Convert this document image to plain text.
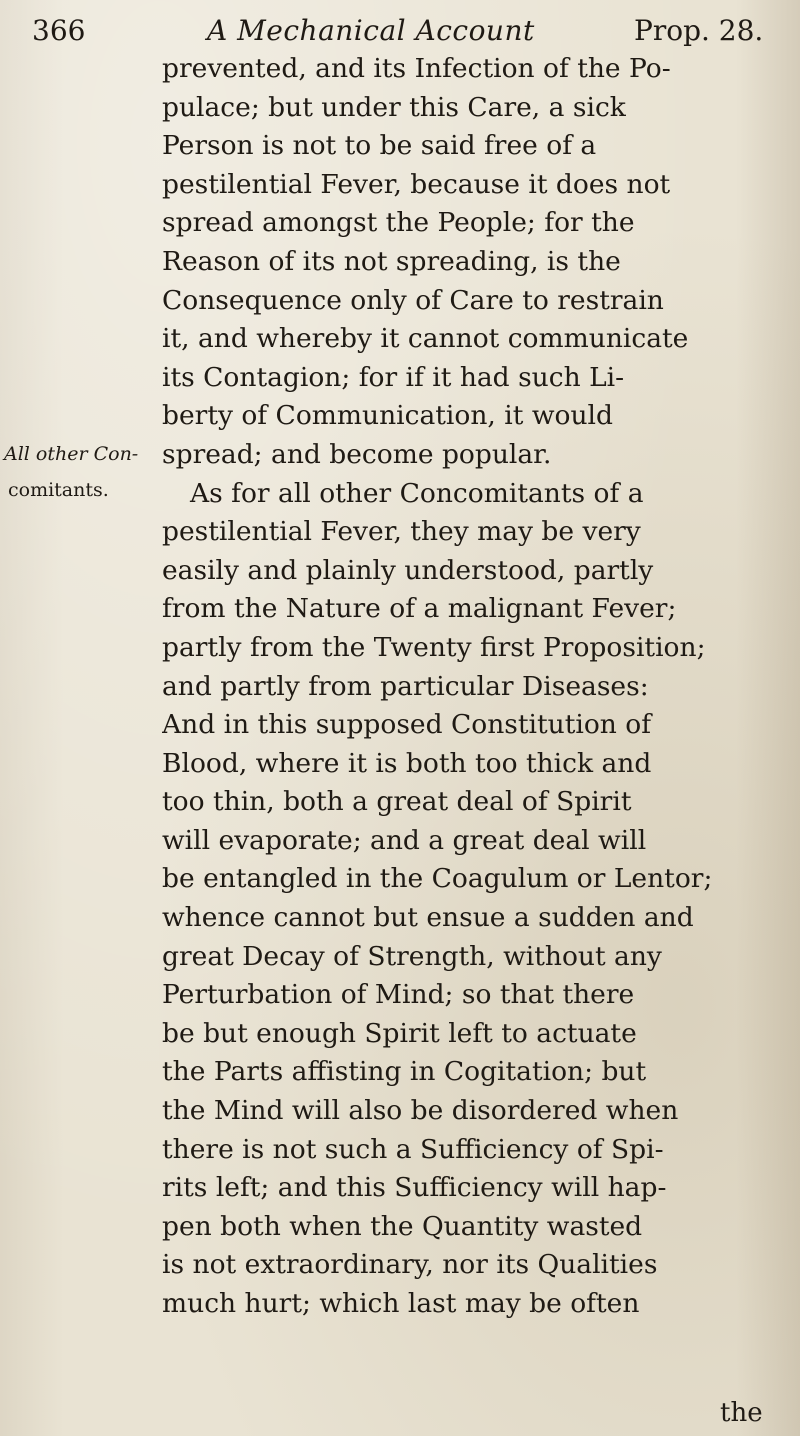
366	A Mechanical Account	Prop. 28.
All other Con-
comitants.
prevented, and its Infection of the Po-
pulace; but under this Care, a sick
Person is not to be said free of a
pestilential Fever, because it does not
spread amongst the People; for the
Reason of its not spreading, is the
Consequence only of Care to restrain
it, and whereby it cannot communicate
its Contagion; for if it had such Li-
berty of Communication, it would
spread; and become popular.
As for all other Concomitants of a
pestilential Fever, they may be very
easily and plainly understood, partly
from the Nature of a malignant Fever;
partly from the Twenty first Proposition;
and partly from particular Diseases:
And in this supposed Constitution of
Blood, where it is both too thick and
too thin, both a great deal of Spirit
will evaporate; and a great deal will
be entangled in the Coagulum or Lentor;
whence cannot but ensue a sudden and
great Decay of Strength, without any
Perturbation of Mind; so that there
be but enough Spirit left to actuate
the Parts affisting in Cogitation; but
the Mind will also be disordered when
there is not such a Sufficiency of Spi-
rits left; and this Sufficiency will hap-
pen both when the Quantity wasted
is not extraordinary, nor its Qualities
much hurt; which last may be often
the
